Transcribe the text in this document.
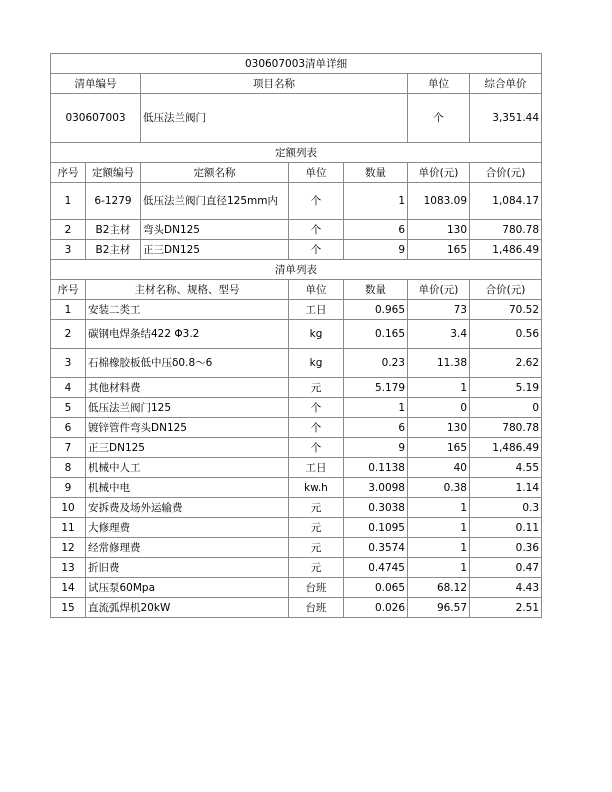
030607003清单详细						
清单编号		项目名称			单位	综合单价
030607003		低压法兰阀门			个	3,351.44
定额列表						
序号	定额编号	定额名称	单位	数量	单价(元)	合价(元)
1	6-1279	低压法兰阀门直径125mm内	个	1	1083.09	1,084.17
2	B2主材	弯头DN125	个	6	130	780.78
3	B2主材	正三DN125	个	9	165	1,486.49
清单列表						
序号	主材名称、规格、型号		单位	数量	单价(元)	合价(元)
1	安装二类工		工日	0.965	73	70.52
2	碳钢电焊条结422 Φ3.2		kg	0.165	3.4	0.56
3	石棉橡胶板低中压δ0.8～6		kg	0.23	11.38	2.62
4	其他材料费		元	5.179	1	5.19
5	低压法兰阀门125		个	1	0	0
6	镀锌管件弯头DN125		个	6	130	780.78
7	正三DN125		个	9	165	1,486.49
8	机械中人工		工日	0.1138	40	4.55
9	机械中电		kw.h	3.0098	0.38	1.14
10	安拆费及场外运输费		元	0.3038	1	0.3
11	大修理费		元	0.1095	1	0.11
12	经常修理费		元	0.3574	1	0.36
13	折旧费		元	0.4745	1	0.47
14	试压泵60Mpa		台班	0.065	68.12	4.43
15	直流弧焊机20kW		台班	0.026	96.57	2.51
